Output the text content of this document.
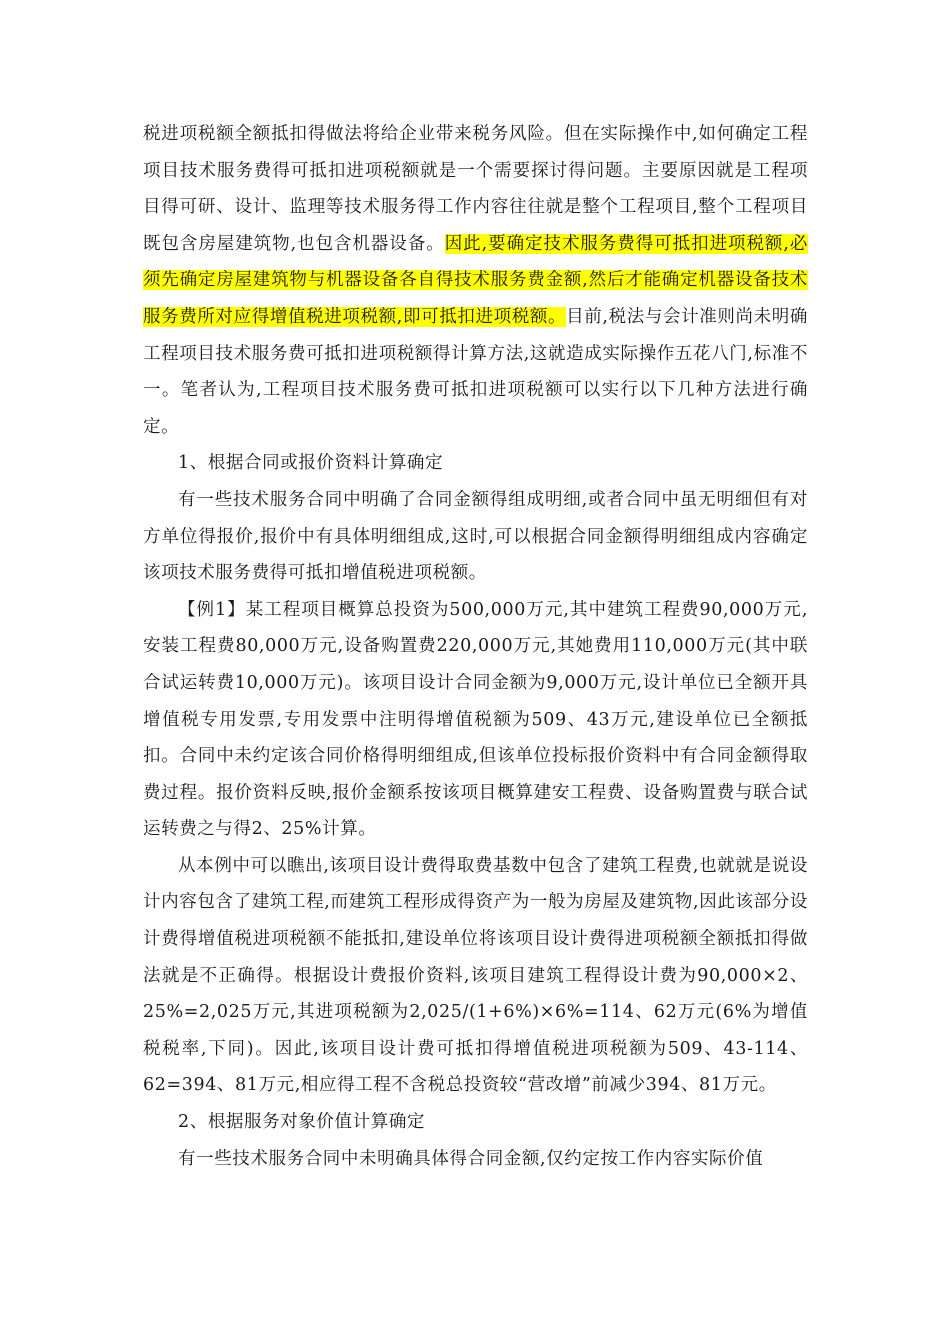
税进项税额全额抵扣得做法将给企业带来税务风险。但在实际操作中,如何确定工程项目技术服务费得可抵扣进项税额就是一个需要探讨得问题。主要原因就是工程项目得可研、设计、监理等技术服务得工作内容往往就是整个工程项目,整个工程项目既包含房屋建筑物,也包含机器设备。因此,要确定技术服务费得可抵扣进项税额,必须先确定房屋建筑物与机器设备各自得技术服务费金额,然后才能确定机器设备技术服务费所对应得增值税进项税额,即可抵扣进项税额。目前,税法与会计准则尚未明确工程项目技术服务费可抵扣进项税额得计算方法,这就造成实际操作五花八门,标准不一。笔者认为,工程项目技术服务费可抵扣进项税额可以实行以下几种方法进行确定。

1、根据合同或报价资料计算确定

有一些技术服务合同中明确了合同金额得组成明细,或者合同中虽无明细但有对方单位得报价,报价中有具体明细组成,这时,可以根据合同金额得明细组成内容确定该项技术服务费得可抵扣增值税进项税额。

【例1】某工程项目概算总投资为500,000万元,其中建筑工程费90,000万元,安装工程费80,000万元,设备购置费220,000万元,其她费用110,000万元(其中联合试运转费10,000万元)。该项目设计合同金额为9,000万元,设计单位已全额开具增值税专用发票,专用发票中注明得增值税额为509、43万元,建设单位已全额抵扣。合同中未约定该合同价格得明细组成,但该单位投标报价资料中有合同金额得取费过程。报价资料反映,报价金额系按该项目概算建安工程费、设备购置费与联合试运转费之与得2、25%计算。

从本例中可以瞧出,该项目设计费得取费基数中包含了建筑工程费,也就就是说设计内容包含了建筑工程,而建筑工程形成得资产为一般为房屋及建筑物,因此该部分设计费得增值税进项税额不能抵扣,建设单位将该项目设计费得进项税额全额抵扣得做法就是不正确得。根据设计费报价资料,该项目建筑工程得设计费为90,000×2、25%=2,025万元,其进项税额为2,025/(1+6%)×6%=114、62万元(6%为增值税税率,下同)。因此,该项目设计费可抵扣得增值税进项税额为509、43-114、62=394、81万元,相应得工程不含税总投资较“营改增”前减少394、81万元。

2、根据服务对象价值计算确定

有一些技术服务合同中未明确具体得合同金额,仅约定按工作内容实际价值
